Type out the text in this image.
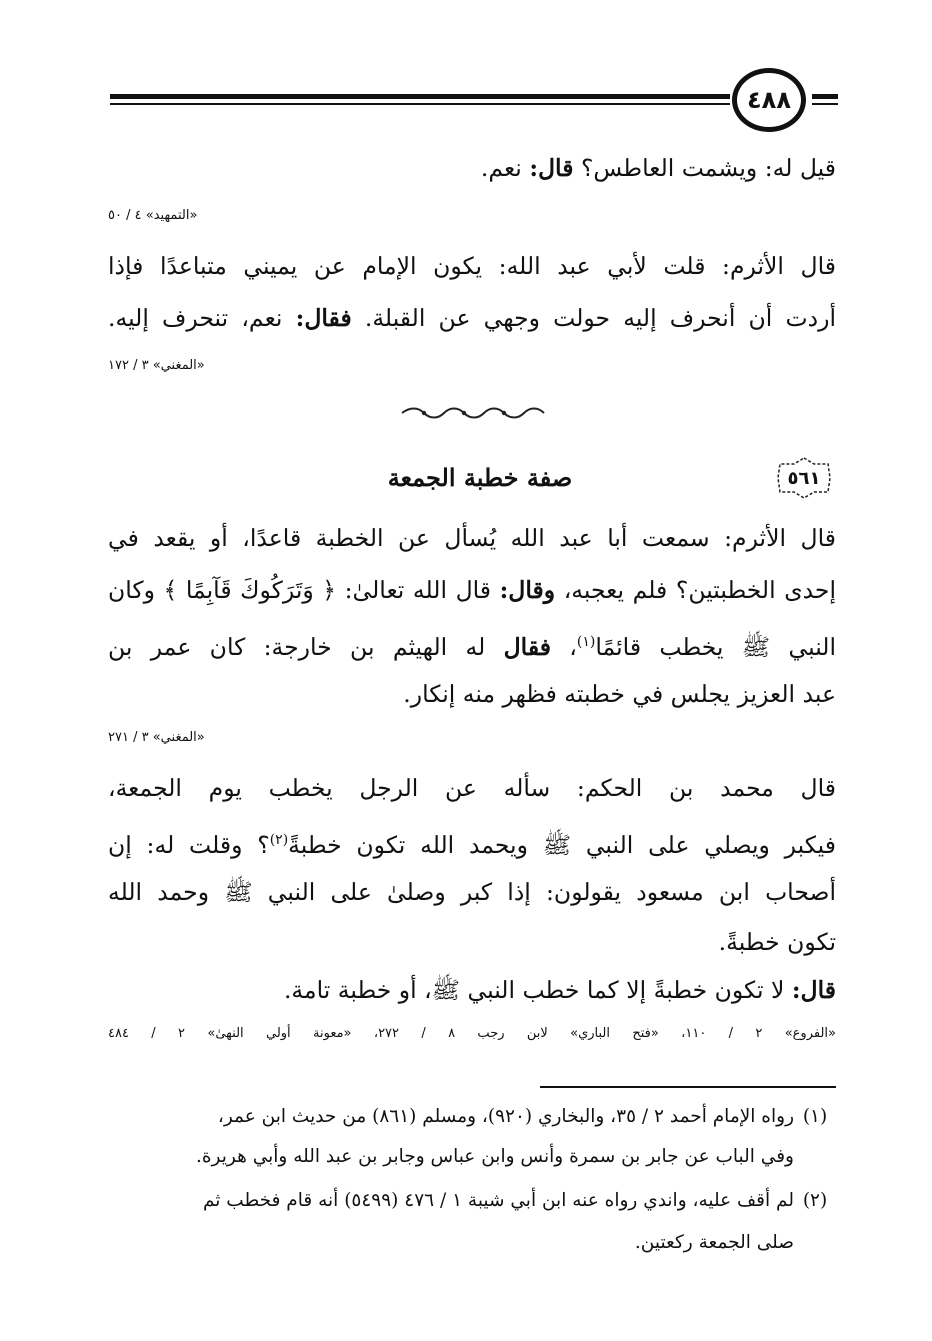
٤٨٨
قيل له: ويشمت العاطس؟ قال: نعم.
«التمهيد» ٤ / ٥٠
قال الأثرم: قلت لأبي عبد الله: يكون الإمام عن يميني متباعدًا فإذا
أردت أن أنحرف إليه حولت وجهي عن القبلة. فقال: نعم، تنحرف إليه.
«المغني» ٣ / ١٧٢
٥٦١
صفة خطبة الجمعة
قال الأثرم: سمعت أبا عبد الله يُسأل عن الخطبة قاعدًا، أو يقعد في
إحدى الخطبتين؟ فلم يعجبه، وقال: قال الله تعالىٰ: ﴿ وَتَرَكُوكَ قَآبِمًا ﴾ وكان
النبي ﷺ يخطب قائمًا$^{(١)}$، فقال له الهيثم بن خارجة: كان عمر بن
عبد العزيز يجلس في خطبته فظهر منه إنكار.
«المغني» ٣ / ٢٧١
قال محمد بن الحكم: سأله عن الرجل يخطب يوم الجمعة،
فيكبر ويصلي على النبي ﷺ ويحمد الله تكون خطبةً$^{(٢)}$؟ وقلت له: إن
أصحاب ابن مسعود يقولون: إذا كبر وصلىٰ على النبي ﷺ وحمد الله
تكون خطبةً.
قال: لا تكون خطبةً إلا كما خطب النبي ﷺ، أو خطبة تامة.
«الفروع» ٢ / ١١٠، «فتح الباري» لابن رجب ٨ / ٢٧٢، «معونة أولي النهىٰ» ٢ / ٤٨٤
(١)رواه الإمام أحمد ٢ / ٣٥، والبخاري (٩٢٠)، ومسلم (٨٦١) من حديث ابن عمر،
وفي الباب عن جابر بن سمرة وأنس وابن عباس وجابر بن عبد الله وأبي هريرة.
(٢)لم أقف عليه، واندي رواه عنه ابن أبي شيبة ١ / ٤٧٦ (٥٤٩٩) أنه قام فخطب ثم
صلى الجمعة ركعتين.
